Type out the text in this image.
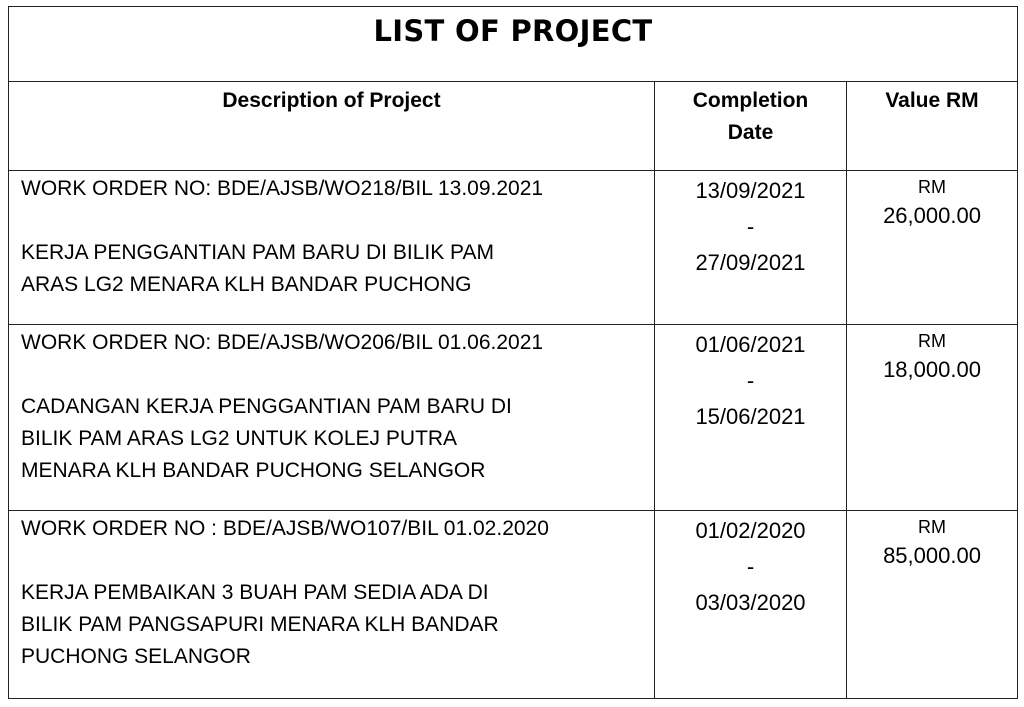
LIST OF PROJECT
Description of Project	Completion
Date
Value RM
WORK ORDER NO: BDE/AJSB/WO218/BIL 13.09.2021
KERJA PENGGANTIAN PAM BARU DI BILIK PAM
ARAS LG2 MENARA KLH BANDAR PUCHONG
13/09/2021
-
27/09/2021
RM
26,000.00
WORK ORDER NO: BDE/AJSB/WO206/BIL 01.06.2021
CADANGAN KERJA PENGGANTIAN PAM BARU DI
BILIK PAM ARAS LG2 UNTUK KOLEJ PUTRA
MENARA KLH BANDAR PUCHONG SELANGOR
01/06/2021
-
15/06/2021
RM
18,000.00
WORK ORDER NO : BDE/AJSB/WO107/BIL 01.02.2020
KERJA PEMBAIKAN 3 BUAH PAM SEDIA ADA DI
BILIK PAM PANGSAPURI MENARA KLH BANDAR
PUCHONG SELANGOR
01/02/2020
-
03/03/2020
RM
85,000.00
